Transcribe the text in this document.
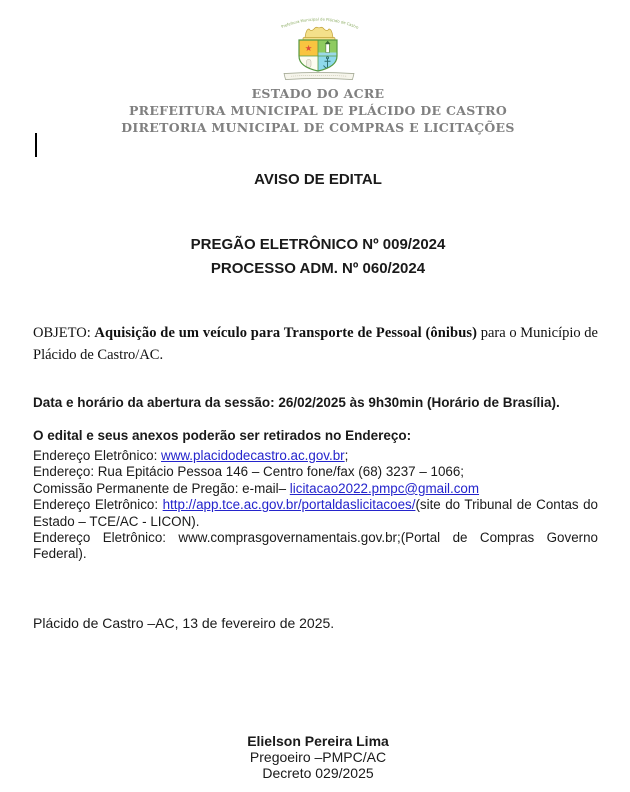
Prefeitura Municipal de Plácido de Castro
★
ESTADO DO ACRE
PREFEITURA MUNICIPAL DE PLÁCIDO DE CASTRO
DIRETORIA MUNICIPAL DE COMPRAS E LICITAÇÕES
AVISO DE EDITAL
PREGÃO ELETRÔNICO Nº 009/2024
PROCESSO ADM. Nº 060/2024
OBJETO: Aquisição de um veículo para Transporte de Pessoal (ônibus) para o Município de Plácido de Castro/AC.
Data e horário da abertura da sessão: 26/02/2025 às 9h30min (Horário de Brasília).
O edital e seus anexos poderão ser retirados no Endereço:
Endereço Eletrônico: www.placidodecastro.ac.gov.br;
Endereço: Rua Epitácio Pessoa 146 – Centro fone/fax (68) 3237 – 1066;
Comissão Permanente de Pregão: e-mail– licitacao2022.pmpc@gmail.com
Endereço Eletrônico: http://app.tce.ac.gov.br/portaldaslicitacoes/(site do Tribunal de Contas do Estado – TCE/AC - LICON).
Endereço Eletrônico: www.comprasgovernamentais.gov.br;(Portal de Compras Governo Federal).
Plácido de Castro –AC, 13 de fevereiro de 2025.
Elielson Pereira Lima
Pregoeiro –PMPC/AC
Decreto 029/2025
